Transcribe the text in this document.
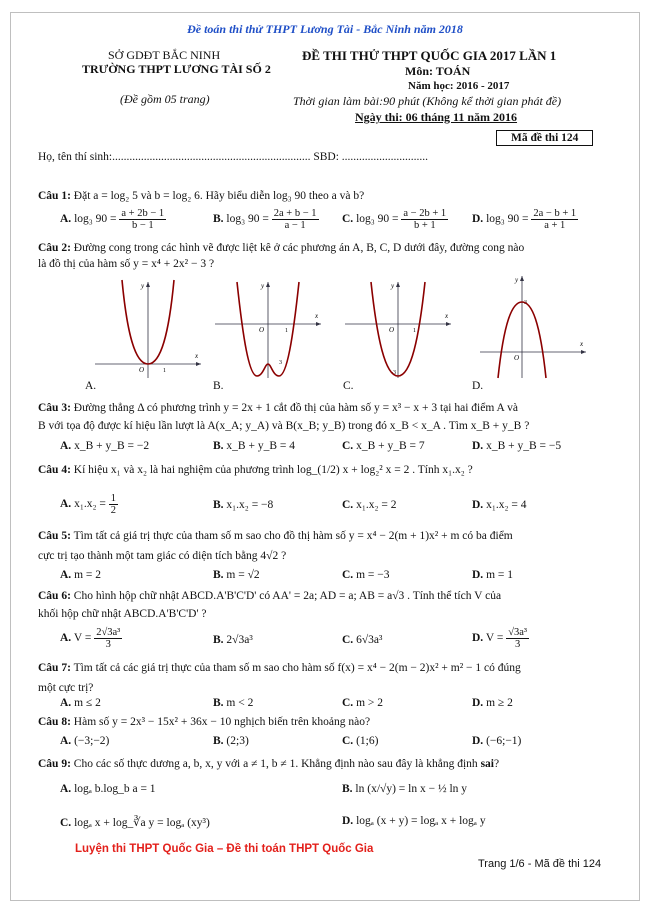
Đề toán thi thử THPT Lương Tài - Bắc Ninh năm 2018
SỞ GDĐT BẮC NINH
TRƯỜNG THPT LƯƠNG TÀI SỐ 2
(Đề gồm 05 trang)
ĐỀ THI THỬ THPT QUỐC GIA 2017 LẦN 1
Môn: TOÁN
Năm học: 2016 - 2017
Thời gian làm bài:90 phút (Không kể thời gian phát đề)
Ngày thi: 06 tháng 11 năm 2016
Mã đề thi 124
Họ, tên thí sinh:..................................................................... SBD: ..............................
Câu 1: Đặt a = log₂ 5 và b = log₂ 6. Hãy biểu diễn log₃ 90 theo a và b?
A. log₃ $90 = \frac{a + 2b - 1}{b - 1}$	B. log₃ $90 = \frac{2a + b - 1}{a - 1} C$. log₃ $90 = \frac{a - 2b + 1}{b + 1} D$. log₃ $90 = \frac{2a - b + 1}{a + 1}$
Câu 2: Đường cong trong các hình vẽ được liệt kê ở các phương án A, B, C, D dưới đây, đường cong nào
là đồ thị của hàm số y = x⁴ + 2x² − 3 ?
y
x
O	1
A.
y
x
O	1
3
B.
y
x
O	1
-3
C.
y
x
O
3
D.
Câu 3: Đường thẳng Δ có phương trình y = 2x + 1 cắt đồ thị của hàm số y = x³ − x + 3 tại hai điểm A và
B với tọa độ được kí hiệu lần lượt là A(x_A; y_A) và B(x_B; y_B) trong đó x_B < x_A . Tìm x_B + y_B ?
A. x_B + y_B = −2	B. x_B + y_B = 4	C. x_B + y_B = 7	D. x_B + y_B = −5
Câu 4: Kí hiệu x₁ và x₂ là hai nghiệm của phương trình log_(1/2) x + log₂² x = 2 . Tính x₁.x₂ ?
A. $x_1.x_2 = \frac{1}{2}$	B. x₁.x₂ = −8	C. x₁.x₂ = 2	D. x₁.x₂ = 4
Câu 5: Tìm tất cả giá trị thực của tham số m sao cho đồ thị hàm số y = x⁴ − 2(m + 1)x² + m có ba điểm
cực trị tạo thành một tam giác có diện tích bằng 4√2 ?
A. m = 2	B. m = √2	C. m = −3	D. m = 1
Câu 6: Cho hình hộp chữ nhật ABCD.A'B'C'D' có AA' = 2a; AD = a; AB = a√3 . Tính thể tích V của
khối hộp chữ nhật ABCD.A'B'C'D' ?
A. $V = \frac{\text{2√3a³}}{3}$	B. 2√3a³	C. 6√3a³	D. $V = \frac{\text{√3a³}}{3}$
Câu 7: Tìm tất cả các giá trị thực của tham số m sao cho hàm số f(x) = x⁴ − 2(m − 2)x² + m² − 1 có đúng
một cực trị?
A. m ≤ 2	B. m < 2	C. m > 2	D. m ≥ 2
Câu 8: Hàm số y = 2x³ − 15x² + 36x − 10 nghịch biến trên khoảng nào?
A. (−3;−2)	B. (2;3)	C. (1;6)	D. (−6;−1)
Câu 9: Cho các số thực dương a, b, x, y với a ≠ 1, b ≠ 1. Khẳng định nào sau đây là khẳng định sai?
A. logₐ b.log_b a = 1	B. ln (x/√y) = ln x − ½ ln y
C. logₐ x + log_∛a y = logₐ (xy³)	D. logₐ (x + y) = logₐ x + logₐ y
Luyện thi THPT Quốc Gia – Đề thi toán THPT Quốc Gia
Trang 1/6 - Mã đề thi 124
